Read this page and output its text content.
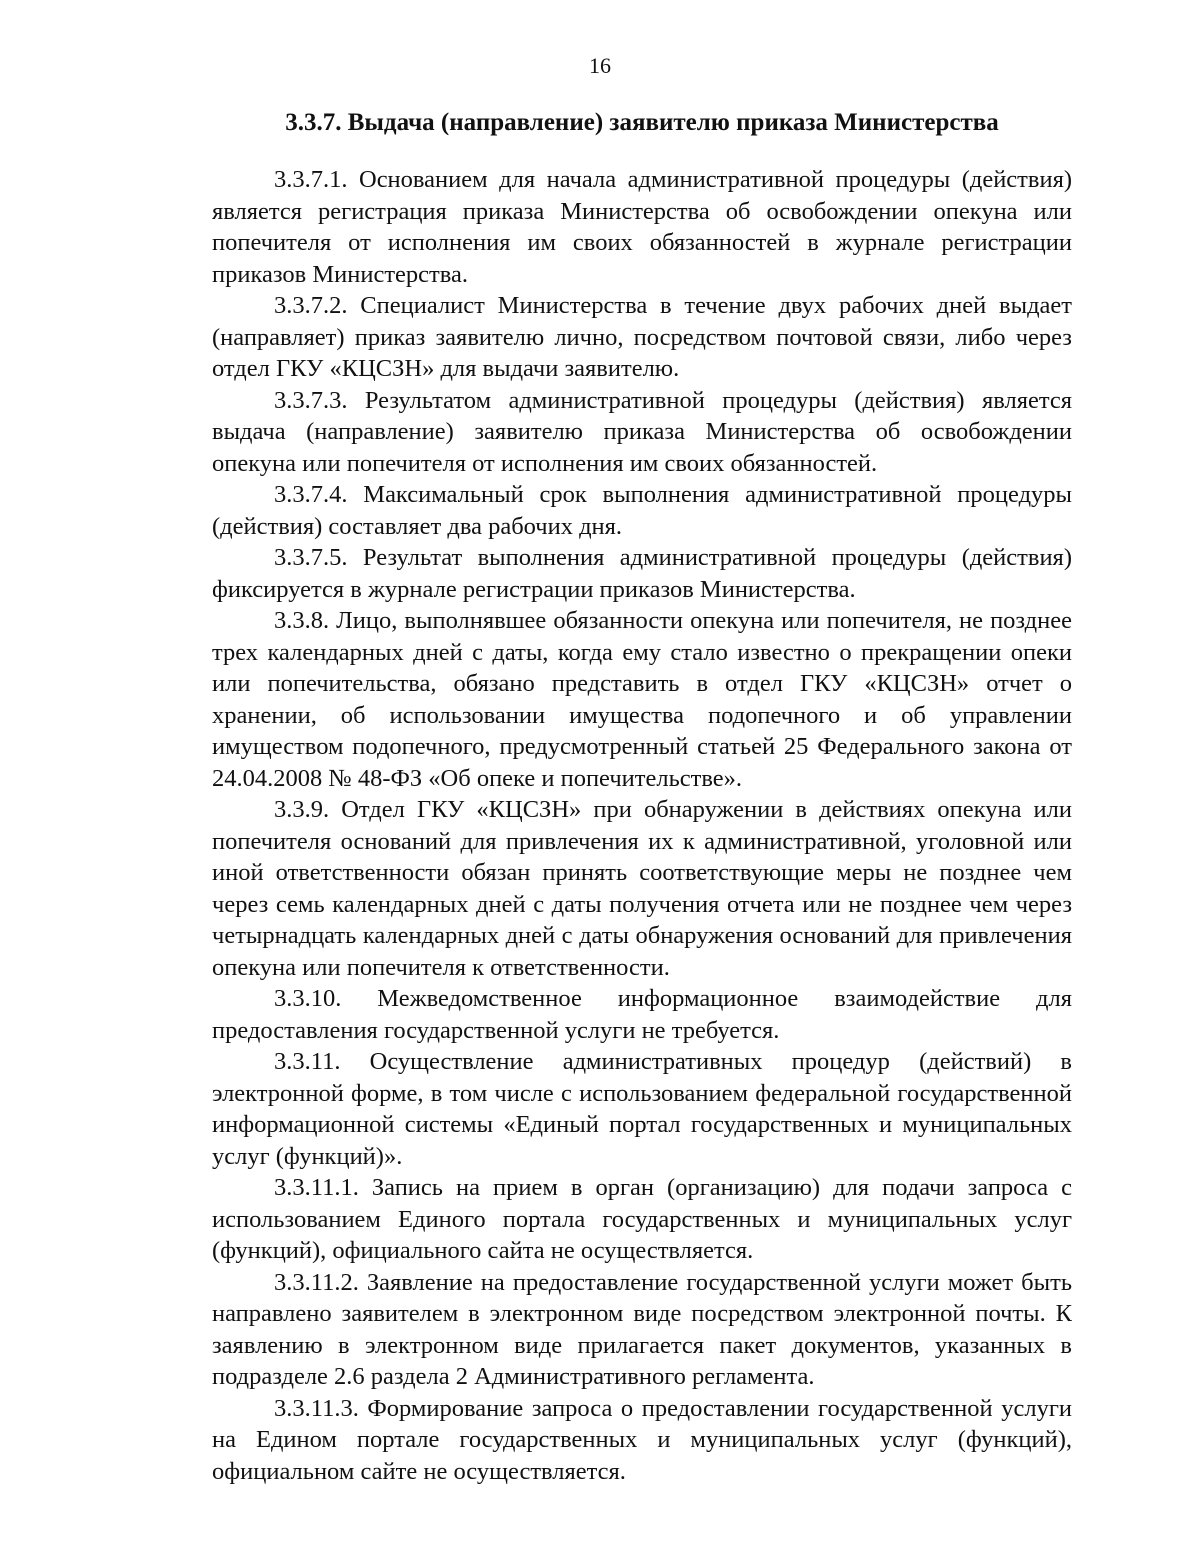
16
3.3.7. Выдача (направление) заявителю приказа Министерства

3.3.7.1. Основанием для начала административной процедуры (действия) является регистрация приказа Министерства об освобождении опекуна или попечителя от исполнения им своих обязанностей в журнале регистрации приказов Министерства.

3.3.7.2. Специалист Министерства в течение двух рабочих дней выдает (направляет) приказ заявителю лично, посредством почтовой связи, либо через отдел ГКУ «КЦСЗН» для выдачи заявителю.

3.3.7.3. Результатом административной процедуры (действия) является выдача (направление) заявителю приказа Министерства об освобождении опекуна или попечителя от исполнения им своих обязанностей.

3.3.7.4. Максимальный срок выполнения административной процедуры (действия) составляет два рабочих дня.

3.3.7.5. Результат выполнения административной процедуры (действия) фиксируется в журнале регистрации приказов Министерства.

3.3.8. Лицо, выполнявшее обязанности опекуна или попечителя, не позднее трех календарных дней с даты, когда ему стало известно о прекращении опеки или попечительства, обязано представить в отдел ГКУ «КЦСЗН» отчет о хранении, об использовании имущества подопечного и об управлении имуществом подопечного, предусмотренный статьей 25 Федерального закона от 24.04.2008 № 48-ФЗ «Об опеке и попечительстве».

3.3.9. Отдел ГКУ «КЦСЗН» при обнаружении в действиях опекуна или попечителя оснований для привлечения их к административной, уголовной или иной ответственности обязан принять соответствующие меры не позднее чем через семь календарных дней с даты получения отчета или не позднее чем через четырнадцать календарных дней с даты обнаружения оснований для привлечения опекуна или попечителя к ответственности.

3.3.10. Межведомственное информационное взаимодействие для предоставления государственной услуги не требуется.

3.3.11. Осуществление административных процедур (действий) в электронной форме, в том числе с использованием федеральной государственной информационной системы «Единый портал государственных и муниципальных услуг (функций)».

3.3.11.1. Запись на прием в орган (организацию) для подачи запроса с использованием Единого портала государственных и муниципальных услуг (функций), официального сайта не осуществляется.

3.3.11.2. Заявление на предоставление государственной услуги может быть направлено заявителем в электронном виде посредством электронной почты. К заявлению в электронном виде прилагается пакет документов, указанных в подразделе 2.6 раздела 2 Административного регламента.

3.3.11.3. Формирование запроса о предоставлении государственной услуги на Едином портале государственных и муниципальных услуг (функций), официальном сайте не осуществляется.
